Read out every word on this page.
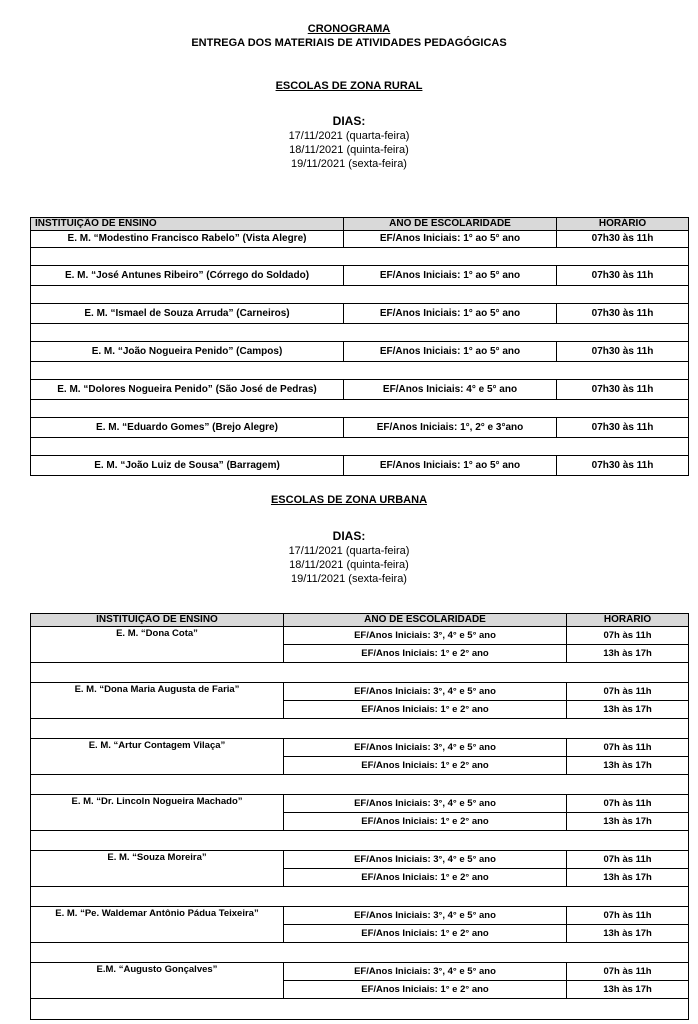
CRONOGRAMA
ENTREGA DOS MATERIAIS DE ATIVIDADES PEDAGÓGICAS
ESCOLAS DE ZONA RURAL
DIAS:
17/11/2021 (quarta-feira)
18/11/2021 (quinta-feira)
19/11/2021 (sexta-feira)
INSTITUIÇÃO DE ENSINO	ANO DE ESCOLARIDADE	HORÁRIO
E. M. “Modestino Francisco Rabelo” (Vista Alegre)	EF/Anos Iniciais: 1° ao 5° ano	07h30 às 11h

E. M. “José Antunes Ribeiro” (Córrego do Soldado)	EF/Anos Iniciais: 1° ao 5° ano	07h30 às 11h

E. M. “Ismael de Souza Arruda” (Carneiros)	EF/Anos Iniciais: 1° ao 5° ano	07h30 às 11h

E. M. “João Nogueira Penido” (Campos)	EF/Anos Iniciais: 1° ao 5° ano	07h30 às 11h

E. M. “Dolores Nogueira Penido” (São José de Pedras)	EF/Anos Iniciais: 4° e 5° ano	07h30 às 11h

E. M. “Eduardo Gomes” (Brejo Alegre)	EF/Anos Iniciais: 1°, 2° e 3°ano	07h30 às 11h

E. M. “João Luiz de Sousa” (Barragem)	EF/Anos Iniciais: 1° ao 5° ano	07h30 às 11h
ESCOLAS DE ZONA URBANA
DIAS:
17/11/2021 (quarta-feira)
18/11/2021 (quinta-feira)
19/11/2021 (sexta-feira)
INSTITUIÇÃO DE ENSINO	ANO DE ESCOLARIDADE	HORÁRIO
E. M. “Dona Cota”	EF/Anos Iniciais: 3°, 4° e 5° ano	07h às 11h
	EF/Anos Iniciais: 1° e 2° ano	13h às 17h

E. M. “Dona Maria Augusta de Faria”	EF/Anos Iniciais: 3°, 4° e 5° ano	07h às 11h
	EF/Anos Iniciais: 1° e 2° ano	13h às 17h

E. M. “Artur Contagem Vilaça”	EF/Anos Iniciais: 3°, 4° e 5° ano	07h às 11h
	EF/Anos Iniciais: 1° e 2° ano	13h às 17h

E. M. “Dr. Lincoln Nogueira Machado”	EF/Anos Iniciais: 3°, 4° e 5° ano	07h às 11h
	EF/Anos Iniciais: 1° e 2° ano	13h às 17h

E. M. “Souza Moreira”	EF/Anos Iniciais: 3°, 4° e 5° ano	07h às 11h
	EF/Anos Iniciais: 1° e 2° ano	13h às 17h

E. M. “Pe. Waldemar Antônio Pádua Teixeira”	EF/Anos Iniciais: 3°, 4° e 5° ano	07h às 11h
	EF/Anos Iniciais: 1° e 2° ano	13h às 17h

E.M. “Augusto Gonçalves”	EF/Anos Iniciais: 3°, 4° e 5° ano	07h às 11h
	EF/Anos Iniciais: 1° e 2° ano	13h às 17h
